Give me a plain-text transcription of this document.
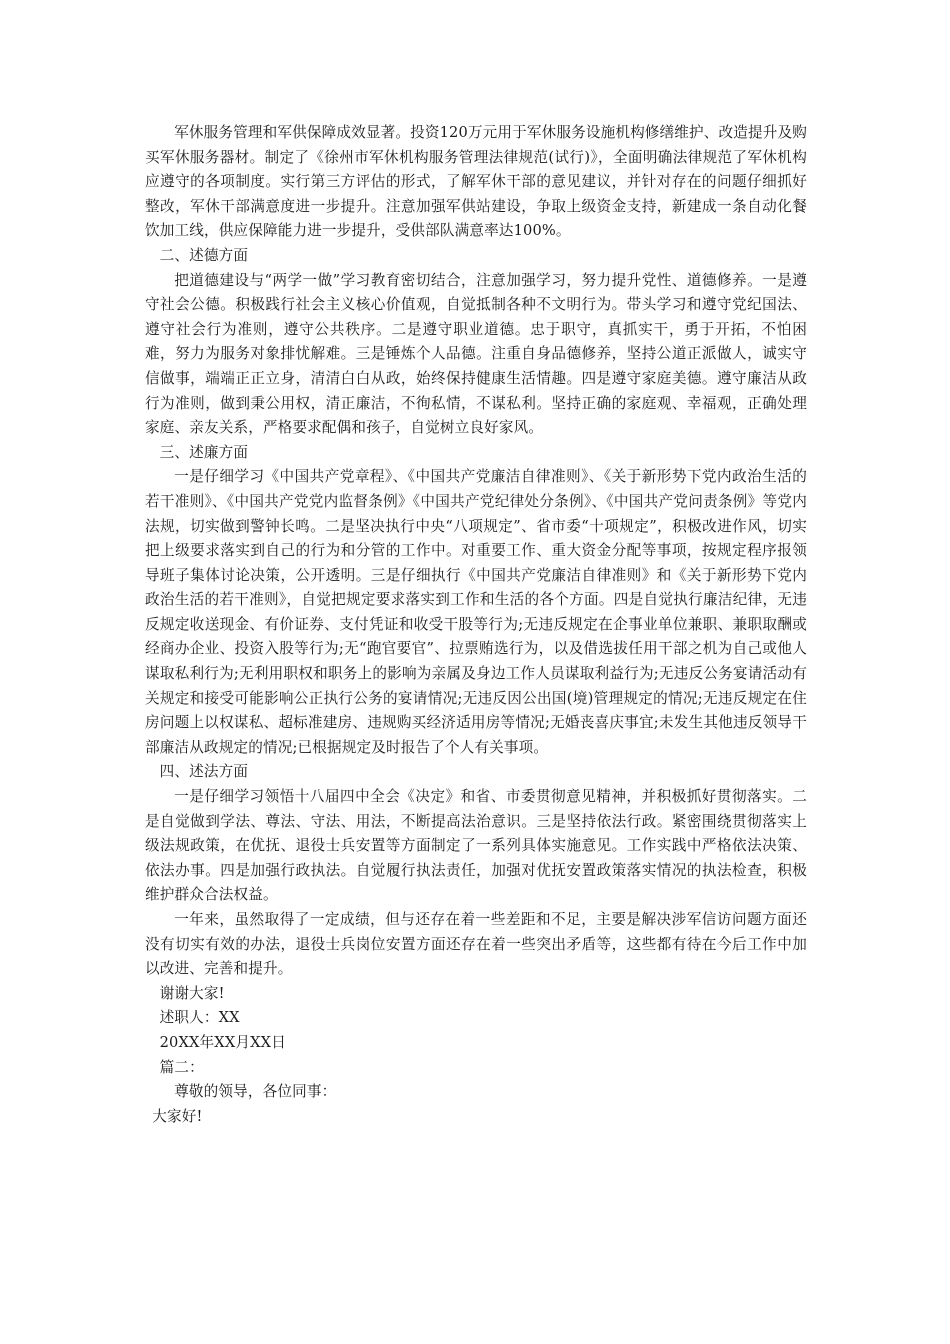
军休服务管理和军供保障成效显著。投资120万元用于军休服务设施机构修缮维护、改造提升及购买军休服务器材。制定了《徐州市军休机构服务管理法律规范(试行)》，全面明确法律规范了军休机构应遵守的各项制度。实行第三方评估的形式，了解军休干部的意见建议，并针对存在的问题仔细抓好整改，军休干部满意度进一步提升。注意加强军供站建设，争取上级资金支持，新建成一条自动化餐饮加工线，供应保障能力进一步提升，受供部队满意率达100%。

二、述德方面

把道德建设与“两学一做”学习教育密切结合，注意加强学习，努力提升党性、道德修养。一是遵守社会公德。积极践行社会主义核心价值观，自觉抵制各种不文明行为。带头学习和遵守党纪国法、遵守社会行为准则，遵守公共秩序。二是遵守职业道德。忠于职守，真抓实干，勇于开拓，不怕困难，努力为服务对象排忧解难。三是锤炼个人品德。注重自身品德修养，坚持公道正派做人，诚实守信做事，端端正正立身，清清白白从政，始终保持健康生活情趣。四是遵守家庭美德。遵守廉洁从政行为准则，做到秉公用权，清正廉洁，不徇私情，不谋私利。坚持正确的家庭观、幸福观，正确处理家庭、亲友关系，严格要求配偶和孩子，自觉树立良好家风。

三、述廉方面

一是仔细学习《中国共产党章程》、《中国共产党廉洁自律准则》、《关于新形势下党内政治生活的若干准则》、《中国共产党党内监督条例》《中国共产党纪律处分条例》、《中国共产党问责条例》等党内法规，切实做到警钟长鸣。二是坚决执行中央“八项规定”、省市委“十项规定”，积极改进作风，切实把上级要求落实到自己的行为和分管的工作中。对重要工作、重大资金分配等事项，按规定程序报领导班子集体讨论决策，公开透明。三是仔细执行《中国共产党廉洁自律准则》和《关于新形势下党内政治生活的若干准则》，自觉把规定要求落实到工作和生活的各个方面。四是自觉执行廉洁纪律，无违反规定收送现金、有价证券、支付凭证和收受干股等行为;无违反规定在企事业单位兼职、兼职取酬或经商办企业、投资入股等行为;无“跑官要官”、拉票贿选行为，以及借选拔任用干部之机为自己或他人谋取私利行为;无利用职权和职务上的影响为亲属及身边工作人员谋取利益行为;无违反公务宴请活动有关规定和接受可能影响公正执行公务的宴请情况;无违反因公出国(境)管理规定的情况;无违反规定在住房问题上以权谋私、超标准建房、违规购买经济适用房等情况;无婚丧喜庆事宜;未发生其他违反领导干部廉洁从政规定的情况;已根据规定及时报告了个人有关事项。

四、述法方面

一是仔细学习领悟十八届四中全会《决定》和省、市委贯彻意见精神，并积极抓好贯彻落实。二是自觉做到学法、尊法、守法、用法，不断提高法治意识。三是坚持依法行政。紧密围绕贯彻落实上级法规政策，在优抚、退役士兵安置等方面制定了一系列具体实施意见。工作实践中严格依法决策、依法办事。四是加强行政执法。自觉履行执法责任，加强对优抚安置政策落实情况的执法检查，积极维护群众合法权益。

一年来，虽然取得了一定成绩，但与还存在着一些差距和不足，主要是解决涉军信访问题方面还没有切实有效的办法，退役士兵岗位安置方面还存在着一些突出矛盾等，这些都有待在今后工作中加以改进、完善和提升。

谢谢大家!

述职人：XX

20XX年XX月XX日

篇二：

尊敬的领导，各位同事：

大家好!
